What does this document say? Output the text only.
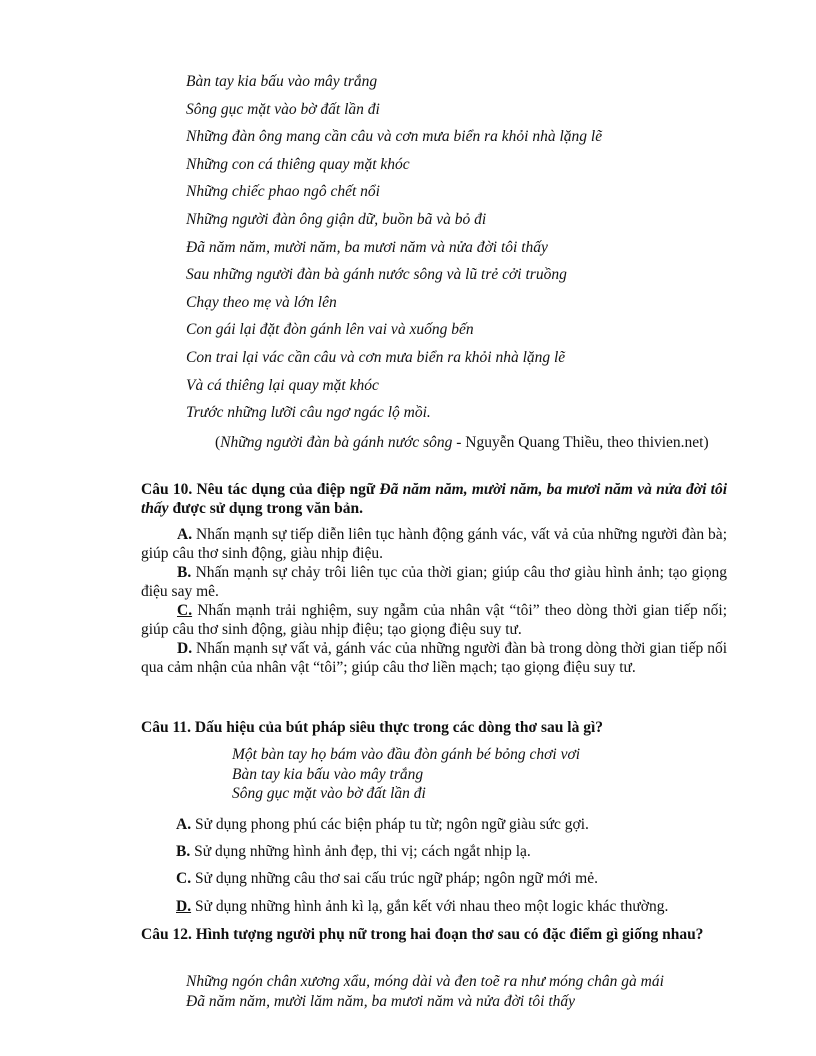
Bàn tay kia bấu vào mây trắng
Sông gục mặt vào bờ đất lần đi
Những đàn ông mang cần câu và cơn mưa biển ra khỏi nhà lặng lẽ
Những con cá thiêng quay mặt khóc
Những chiếc phao ngô chết nổi
Những người đàn ông giận dữ, buồn bã và bỏ đi
Đã năm năm, mười năm, ba mươi năm và nửa đời tôi thấy
Sau những người đàn bà gánh nước sông và lũ trẻ cởi truồng
Chạy theo mẹ và lớn lên
Con gái lại đặt đòn gánh lên vai và xuống bến
Con trai lại vác cần câu và cơn mưa biển ra khỏi nhà lặng lẽ
Và cá thiêng lại quay mặt khóc
Trước những lưỡi câu ngơ ngác lộ mồi.
(Những người đàn bà gánh nước sông - Nguyễn Quang Thiều, theo thivien.net)
Câu 10. Nêu tác dụng của điệp ngữ Đã năm năm, mười năm, ba mươi năm và nửa đời tôi thấy được sử dụng trong văn bản.
A. Nhấn mạnh sự tiếp diễn liên tục hành động gánh vác, vất vả của những người đàn bà; giúp câu thơ sinh động, giàu nhịp điệu.
B. Nhấn mạnh sự chảy trôi liên tục của thời gian; giúp câu thơ giàu hình ảnh; tạo giọng điệu say mê.
C. Nhấn mạnh trải nghiệm, suy ngẫm của nhân vật “tôi” theo dòng thời gian tiếp nối; giúp câu thơ sinh động, giàu nhịp điệu; tạo giọng điệu suy tư.
D. Nhấn mạnh sự vất vả, gánh vác của những người đàn bà trong dòng thời gian tiếp nối qua cảm nhận của nhân vật “tôi”; giúp câu thơ liền mạch; tạo giọng điệu suy tư.
Câu 11. Dấu hiệu của bút pháp siêu thực trong các dòng thơ sau là gì?
Một bàn tay họ bám vào đầu đòn gánh bé bỏng chơi vơi
Bàn tay kia bấu vào mây trắng
Sông gục mặt vào bờ đất lần đi
A. Sử dụng phong phú các biện pháp tu từ; ngôn ngữ giàu sức gợi.
B. Sử dụng những hình ảnh đẹp, thi vị; cách ngắt nhịp lạ.
C. Sử dụng những câu thơ sai cấu trúc ngữ pháp; ngôn ngữ mới mẻ.
D. Sử dụng những hình ảnh kì lạ, gắn kết với nhau theo một logic khác thường.
Câu 12. Hình tượng người phụ nữ trong hai đoạn thơ sau có đặc điểm gì giống nhau?
Những ngón chân xương xẩu, móng dài và đen toẽ ra như móng chân gà mái
Đã năm năm, mười lăm năm, ba mươi năm và nửa đời tôi thấy
